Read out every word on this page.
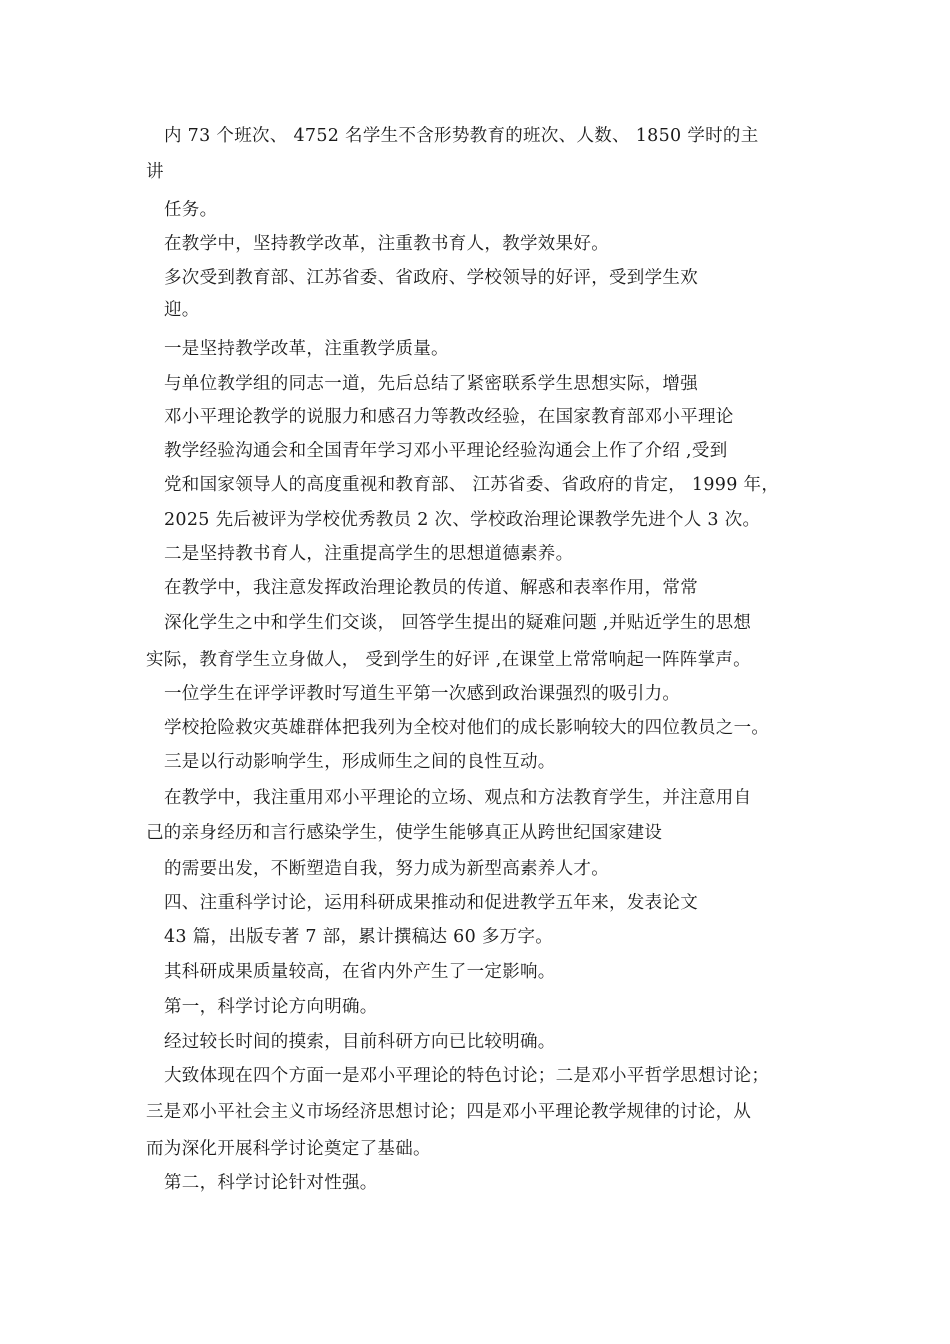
内 73 个班次、 4752 名学生不含形势教育的班次、人数、 1850 学时的主
讲
任务。
在教学中，坚持教学改革，注重教书育人，教学效果好。
多次受到教育部、江苏省委、省政府、学校领导的好评，受到学生欢
迎。
一是坚持教学改革，注重教学质量。
与单位教学组的同志一道，先后总结了紧密联系学生思想实际，增强
邓小平理论教学的说服力和感召力等教改经验，在国家教育部邓小平理论
教学经验沟通会和全国青年学习邓小平理论经验沟通会上作了介绍 ,受到
党和国家领导人的高度重视和教育部、 江苏省委、省政府的肯定， 1999 年，
2025 先后被评为学校优秀教员 2 次、学校政治理论课教学先进个人 3 次。
二是坚持教书育人，注重提高学生的思想道德素养。
在教学中，我注意发挥政治理论教员的传道、解惑和表率作用，常常
深化学生之中和学生们交谈， 回答学生提出的疑难问题 ,并贴近学生的思想
实际，教育学生立身做人， 受到学生的好评 ,在课堂上常常响起一阵阵掌声。
一位学生在评学评教时写道生平第一次感到政治课强烈的吸引力。
学校抢险救灾英雄群体把我列为全校对他们的成长影响较大的四位教员之一。
三是以行动影响学生，形成师生之间的良性互动。
在教学中，我注重用邓小平理论的立场、观点和方法教育学生，并注意用自
己的亲身经历和言行感染学生，使学生能够真正从跨世纪国家建设
的需要出发，不断塑造自我，努力成为新型高素养人才。
四、注重科学讨论，运用科研成果推动和促进教学五年来，发表论文
43 篇，出版专著 7 部，累计撰稿达 60 多万字。
其科研成果质量较高，在省内外产生了一定影响。
第一，科学讨论方向明确。
经过较长时间的摸索，目前科研方向已比较明确。
大致体现在四个方面一是邓小平理论的特色讨论；二是邓小平哲学思想讨论；
三是邓小平社会主义市场经济思想讨论；四是邓小平理论教学规律的讨论，从
而为深化开展科学讨论奠定了基础。
第二，科学讨论针对性强。
